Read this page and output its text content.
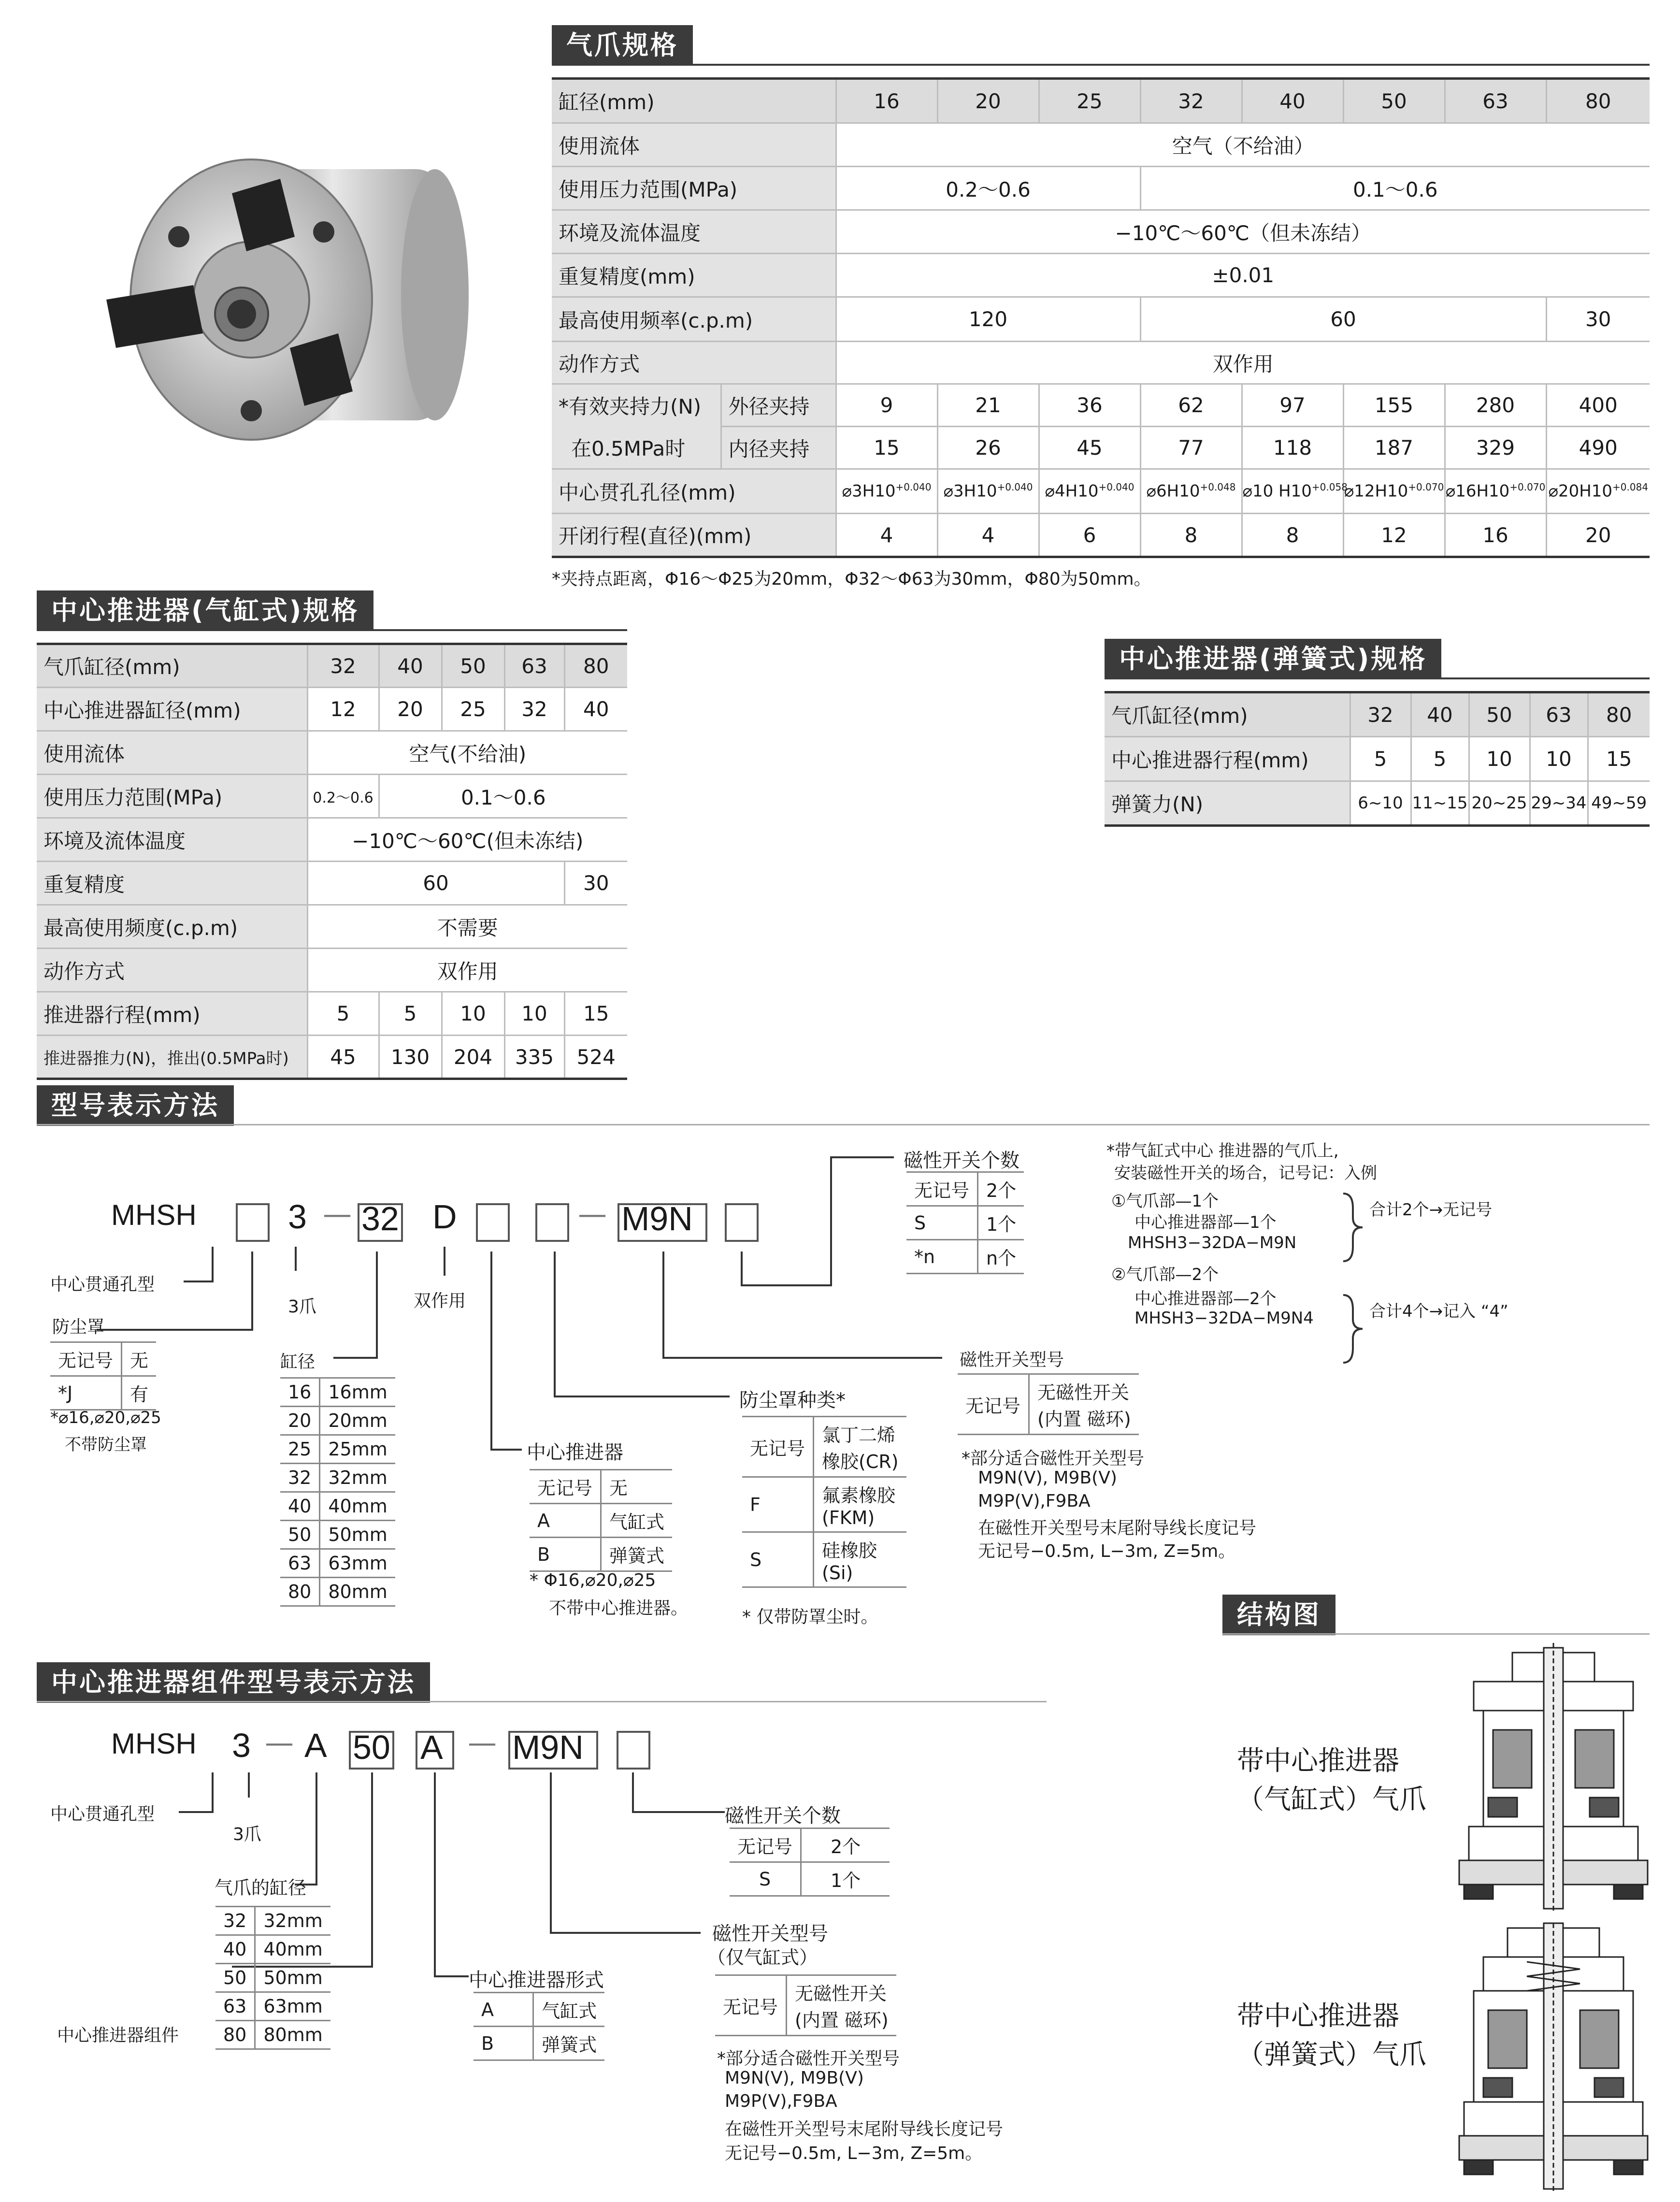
气爪规格
缸径(mm)		16	20	25	32	40	50	63	80
使用流体		空气（不给油）							
使用压力范围(MPa)		0.2～0.6			0.1～0.6				
环境及流体温度		−10℃～60℃（但未冻结）							
重复精度(mm)		±0.01							
最高使用频率(c.p.m)		120			60				30
动作方式		双作用							
*有效夹持力(N)	外径夹持	9	21	36	62	97	155	280	400
在0.5MPa时	内径夹持	15	26	45	77	118	187	329	490
中心贯孔孔径(mm)		$⌀3H10^{+0.040}$	$⌀3H10^{+0.040}$	$⌀4H10^{+0.040}$	$⌀6H10^{+0.048}$	⌀10 $H10^{+0.058}$	$⌀12H10^{+0.070}$	$⌀16H10^{+0.070}$	$⌀20H10^{+0.084}$
开闭行程(直径)(mm)		4	4	6	8	8	12	16	20
*夹持点距离，Φ16～Φ25为20mm，Φ32～Φ63为30mm，Φ80为50mm。
中心推进器(气缸式)规格
气爪缸径(mm)	32	40	50	63	80
中心推进器缸径(mm)	12	20	25	32	40
使用流体	空气(不给油)				
使用压力范围(MPa)	0.2～0.6	0.1～0.6			
环境及流体温度	−10℃～60℃(但未冻结)				
重复精度	60				30
最高使用频度(c.p.m)	不需要				
动作方式	双作用				
推进器行程(mm)	5	5	10	10	15
推进器推力(N)，推出(0.5MPa时)	45	130	204	335	524
中心推进器(弹簧式)规格
气爪缸径(mm)	32	40	50	63	80
中心推进器行程(mm)	5	5	10	10	15
弹簧力(N)	6~10	11~15	20~25	29~34	49~59
型号表示方法
MHSH	3 — 32 D	— M9N
中心贯通孔型
3爪	双作用
防尘罩
无记号	无
*J	有
*⌀16,⌀20,⌀25
不带防尘罩
缸径
16	16mm
20	20mm
25	25mm
32	32mm
40	40mm
50	50mm
63	63mm
80	80mm
中心推进器
无记号	无
A	气缸式
B	弹簧式
* Φ16,⌀20,⌀25
不带中心推进器。
防尘罩种类*
无记号	氯丁二烯
橡胶(CR)
F	氟素橡胶
(FKM)
S	硅橡胶
(Si)
* 仅带防罩尘时。
磁性开关个数
无记号	2个
S	1个
*n	n个
磁性开关型号
无记号	无磁性开关
(内置 磁环)
*部分适合磁性开关型号
M9N(V), M9B(V)
M9P(V),F9BA
在磁性开关型号末尾附导线长度记号
无记号−0.5m, L−3m, Z=5m。
*带气缸式中心 推进器的气爪上,
安装磁性开关的场合，记号记：入例
①气爪部—1个
中心推进器部—1个
MHSH3−32DA−M9N
②气爪部—2个
中心推进器部—2个
MHSH3−32DA−M9N4
合计2个→无记号
合计4个→记入 “4”
中心推进器组件型号表示方法
MHSH 3 — A 50 A — M9N
中心贯通孔型
3爪
中心推进器组件
气爪的缸径
32	32mm
40	40mm
50	50mm
63	63mm
80	80mm
中心推进器形式
A	气缸式
B	弹簧式
磁性开关个数
无记号	2个
S	1个
磁性开关型号
（仅气缸式）
无记号	无磁性开关
(内置 磁环)
*部分适合磁性开关型号
M9N(V), M9B(V)
M9P(V),F9BA
在磁性开关型号末尾附导线长度记号
无记号−0.5m, L−3m, Z=5m。
结构图
带中心推进器
（气缸式）气爪
带中心推进器
（弹簧式）气爪
